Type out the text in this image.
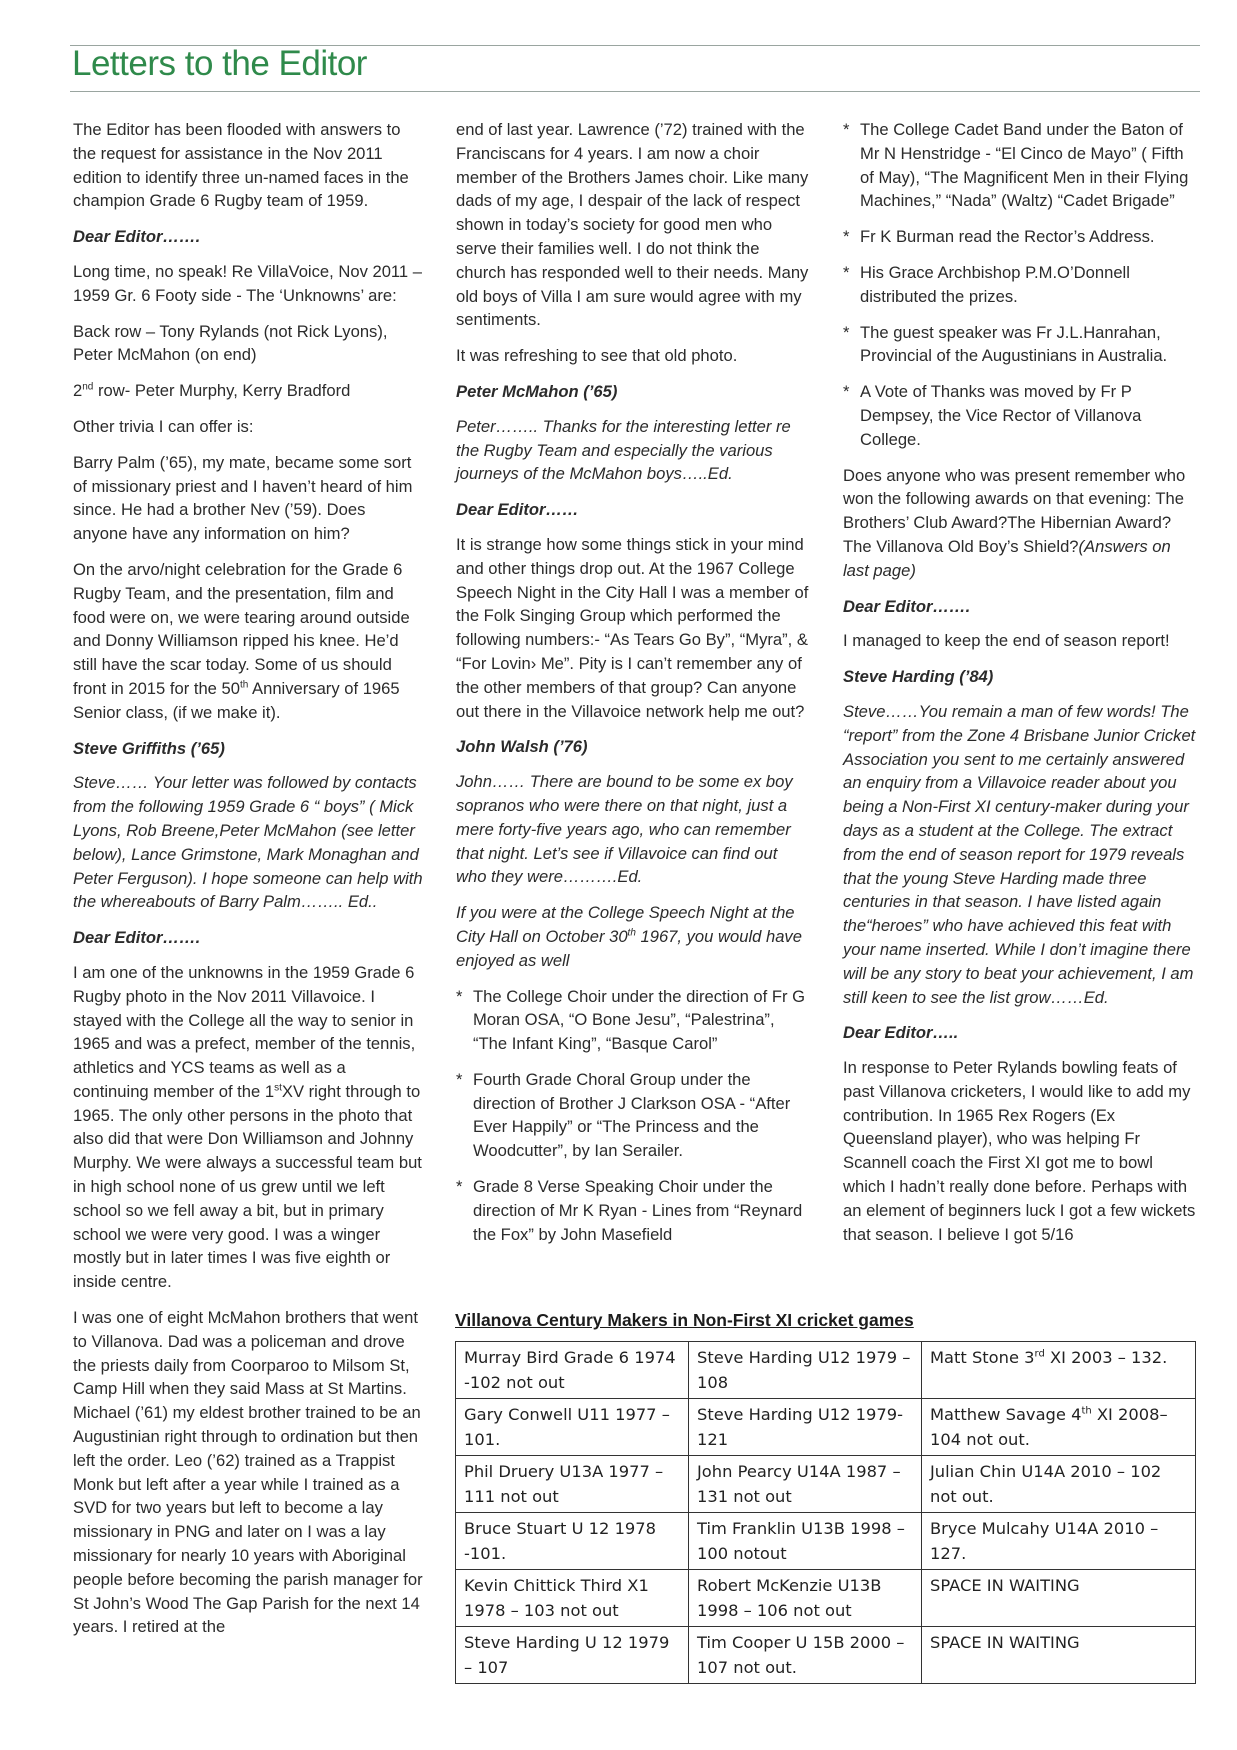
Letters to the Editor

The Editor has been flooded with answers to the request for assistance in the Nov 2011 edition to identify three un-named faces in the champion Grade 6 Rugby team of 1959.

Dear Editor…….

Long time, no speak! Re VillaVoice, Nov 2011 – 1959 Gr. 6 Footy side - The ‘Unknowns’ are:

Back row – Tony Rylands (not Rick Lyons), Peter McMahon (on end)

2nd row- Peter Murphy, Kerry Bradford

Other trivia I can offer is:

Barry Palm (’65), my mate, became some sort of missionary priest and I haven’t heard of him since. He had a brother Nev (’59). Does anyone have any information on him?

On the arvo/night celebration for the Grade 6 Rugby Team, and the presentation, film and food were on, we were tearing around outside and Donny Williamson ripped his knee. He’d still have the scar today. Some of us should front in 2015 for the 50th Anniversary of 1965 Senior class, (if we make it).

Steve Griffiths (’65)

Steve…… Your letter was followed by contacts from the following 1959 Grade 6 “ boys” ( Mick Lyons, Rob Breene,Peter McMahon (see letter below), Lance Grimstone, Mark Monaghan and Peter Ferguson). I hope someone can help with the whereabouts of Barry Palm…….. Ed..

Dear Editor…….

I am one of the unknowns in the 1959 Grade 6 Rugby photo in the Nov 2011 Villavoice. I stayed with the College all the way to senior in 1965 and was a prefect, member of the tennis, athletics and YCS teams as well as a continuing member of the 1stXV right through to 1965. The only other persons in the photo that also did that were Don Williamson and Johnny Murphy. We were always a successful team but in high school none of us grew until we left school so we fell away a bit, but in primary school we were very good. I was a winger mostly but in later times I was five eighth or inside centre.

I was one of eight McMahon brothers that went to Villanova. Dad was a policeman and drove the priests daily from Coorparoo to Milsom St, Camp Hill when they said Mass at St Martins. Michael (’61) my eldest brother trained to be an Augustinian right through to ordination but then left the order. Leo (’62) trained as a Trappist Monk but left after a year while I trained as a SVD for two years but left to become a lay missionary in PNG and later on I was a lay missionary for nearly 10 years with Aboriginal people before becoming the parish manager for St John’s Wood The Gap Parish for the next 14 years. I retired at the

end of last year. Lawrence (’72) trained with the Franciscans for 4 years. I am now a choir member of the Brothers James choir. Like many dads of my age, I despair of the lack of respect shown in today’s society for good men who serve their families well. I do not think the church has responded well to their needs. Many old boys of Villa I am sure would agree with my sentiments.

It was refreshing to see that old photo.

Peter McMahon (’65)

Peter…….. Thanks for the interesting letter re the Rugby Team and especially the various journeys of the McMahon boys…..Ed.

Dear Editor……

It is strange how some things stick in your mind and other things drop out. At the 1967 College Speech Night in the City Hall I was a member of the Folk Singing Group which performed the following numbers:- “As Tears Go By”, “Myra”, & “For Lovin› Me”. Pity is I can’t remember any of the other members of that group? Can anyone out there in the Villavoice network help me out?

John Walsh (’76)

John…… There are bound to be some ex boy sopranos who were there on that night, just a mere forty-five years ago, who can remember that night. Let’s see if Villavoice can find out who they were……….Ed.

If you were at the College Speech Night at the City Hall on October 30th 1967, you would have enjoyed as well

* The College Choir under the direction of Fr G Moran OSA, “O Bone Jesu”, “Palestrina”, “The Infant King”, “Basque Carol”
* Fourth Grade Choral Group under the direction of Brother J Clarkson OSA - “After Ever Happily” or “The Princess and the Woodcutter”, by Ian Serailer.
* Grade 8 Verse Speaking Choir under the direction of Mr K Ryan - Lines from “Reynard the Fox” by John Masefield
* The College Cadet Band under the Baton of Mr N Henstridge - “El Cinco de Mayo” ( Fifth of May), “The Magnificent Men in their Flying Machines,” “Nada” (Waltz) “Cadet Brigade”
* Fr K Burman read the Rector’s Address.
* His Grace Archbishop P.M.O’Donnell distributed the prizes.
* The guest speaker was Fr J.L.Hanrahan, Provincial of the Augustinians in Australia.
* A Vote of Thanks was moved by Fr P Dempsey, the Vice Rector of Villanova College.

Does anyone who was present remember who won the following awards on that evening: The Brothers’ Club Award?The Hibernian Award?The Villanova Old Boy’s Shield?(Answers on last page)

Dear Editor…….

I managed to keep the end of season report!

Steve Harding (’84)

Steve……You remain a man of few words! The “report” from the Zone 4 Brisbane Junior Cricket Association you sent to me certainly answered an enquiry from a Villavoice reader about you being a Non-First XI century-maker during your days as a student at the College. The extract from the end of season report for 1979 reveals that the young Steve Harding made three centuries in that season. I have listed again the“heroes” who have achieved this feat with your name inserted. While I don’t imagine there will be any story to beat your achievement, I am still keen to see the list grow……Ed.

Dear Editor…..

In response to Peter Rylands bowling feats of past Villanova cricketers, I would like to add my contribution. In 1965 Rex Rogers (Ex Queensland player), who was helping Fr Scannell coach the First XI got me to bowl which I hadn’t really done before. Perhaps with an element of beginners luck I got a few wickets that season. I believe I got 5/16

Villanova Century Makers in Non-First XI cricket games

Murray Bird Grade 6 1974 -102 not out	Steve Harding U12 1979 – 108	Matt Stone 3rd XI 2003 – 132.
Gary Conwell U11 1977 – 101.	Steve Harding U12 1979-121	Matthew Savage 4th XI 2008–104 not out.
Phil Druery U13A 1977 – 111 not out	John Pearcy U14A 1987 – 131 not out	Julian Chin U14A 2010 – 102 not out.
Bruce Stuart U 12 1978 -101.	Tim Franklin U13B 1998 – 100 notout	Bryce Mulcahy U14A 2010 – 127.
Kevin Chittick Third X1 1978 – 103 not out	Robert McKenzie U13B 1998 – 106 not out	SPACE IN WAITING
Steve Harding U 12 1979 – 107	Tim Cooper U 15B 2000 – 107 not out.	SPACE IN WAITING
